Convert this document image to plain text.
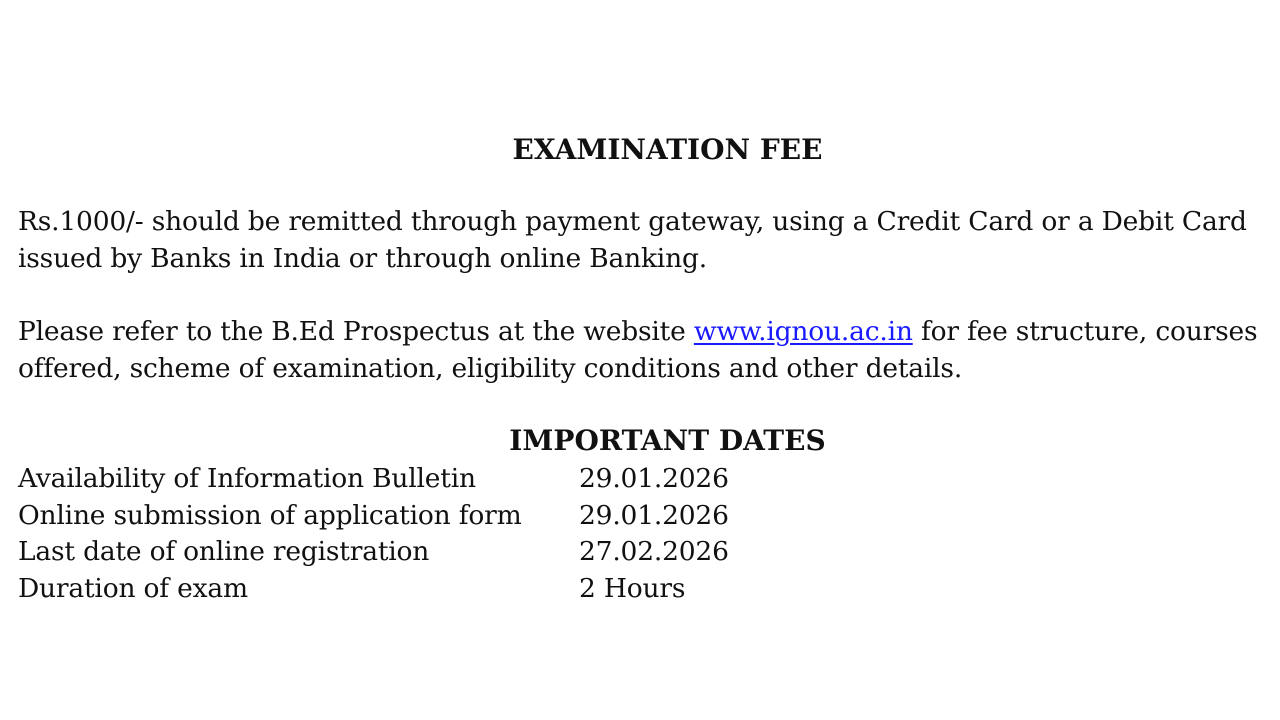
EXAMINATION FEE

Rs.1000/- should be remitted through payment gateway, using a Credit Card or a Debit Card issued by Banks in India or through online Banking.

Please refer to the B.Ed Prospectus at the website www.ignou.ac.in for fee structure, courses offered, scheme of examination, eligibility conditions and other details.

IMPORTANT DATES
Availability of Information Bulletin	29.01.2026
Online submission of application form	29.01.2026
Last date of online registration	27.02.2026
Duration of exam	2 Hours
